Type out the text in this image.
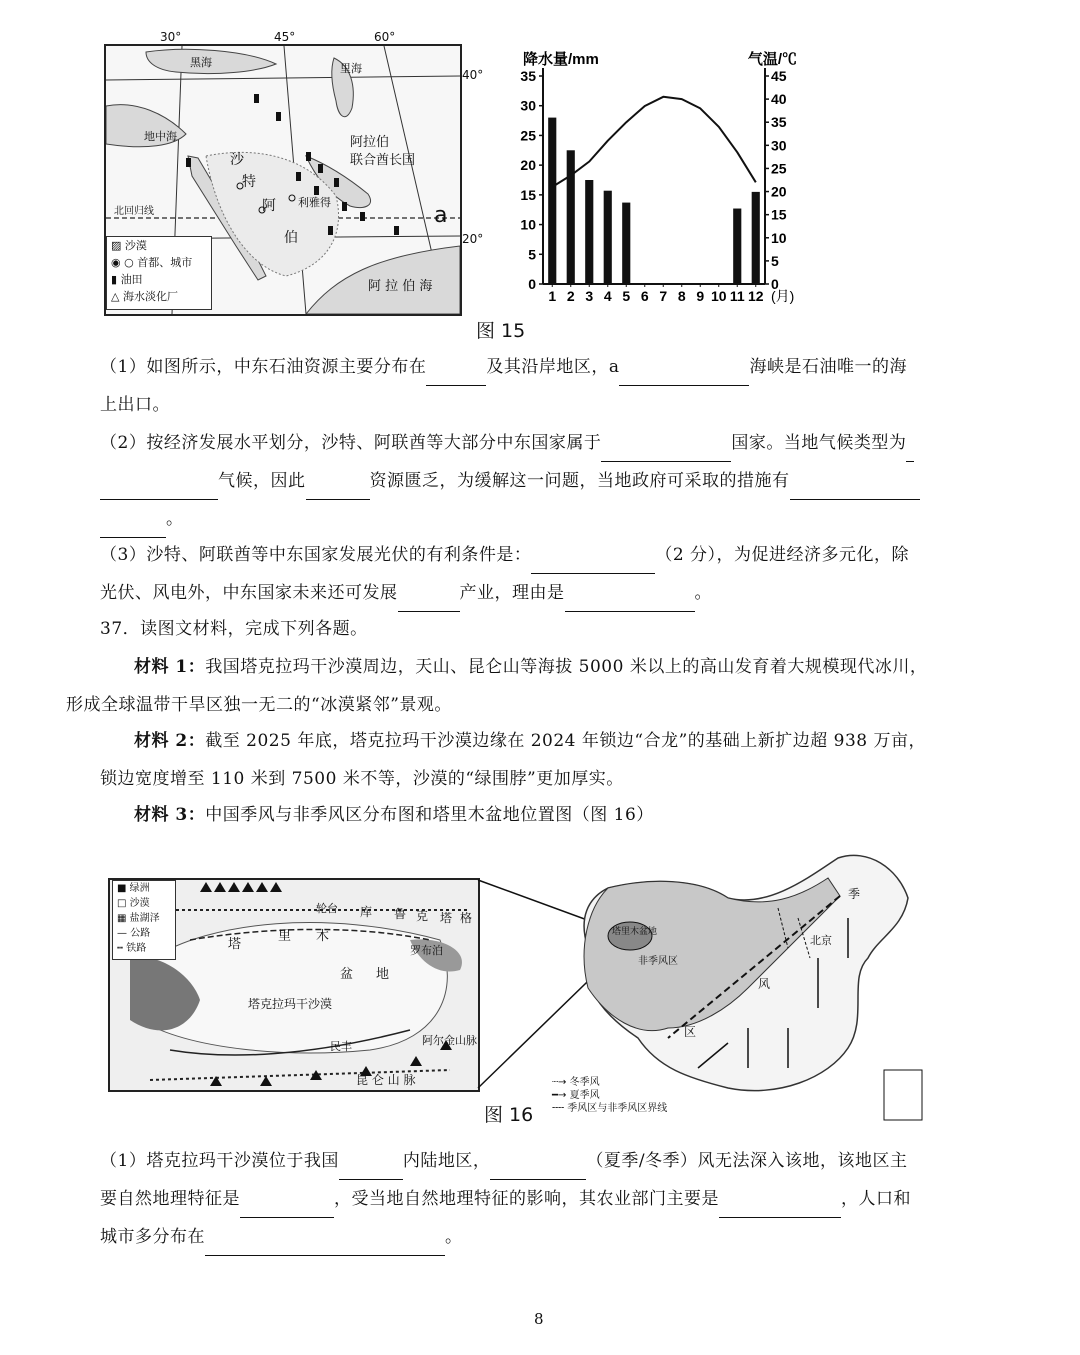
黑海	里海
地中海
沙
特
阿
伯
利雅得
阿拉伯
联合酋长国
北回归线
阿 拉 伯 海
a
30°	45°	60°
40°
20°
▨ 沙漠
◉ ○ 首都、城市
▮ 油田
△ 海水淡化厂
0
5
10
15
20
25
30
35
0
5
10
15
20
25
30
35
40
45
1 2 3 4 5 6 7 8 9 10 11 12 (月)
降水量/mm	气温/℃
图 15
（1）如图所示，中东石油资源主要分布在	及其沿岸地区，a	海峡是石油唯一的海
上出口。
（2）按经济发展水平划分，沙特、阿联酋等大部分中东国家属于	国家。当地气候类型为
气候，因此	资源匮乏，为缓解这一问题，当地政府可采取的措施有
。
（3）沙特、阿联酋等中东国家发展光伏的有利条件是：	（2 分），为促进经济多元化，除
光伏、风电外，中东国家未来还可发展	产业，理由是	。
37．读图文材料，完成下列各题。
材料 1：我国塔克拉玛干沙漠周边，天山、昆仑山等海拔 5000 米以上的高山发育着大规模现代冰川，
形成全球温带干旱区独一无二的“冰漠紧邻”景观。
材料 2：截至 2025 年底，塔克拉玛干沙漠边缘在 2024 年锁边“合龙”的基础上新扩边超 938 万亩，
锁边宽度增至 110 米到 7500 米不等，沙漠的“绿围脖”更加厚实。
材料 3：中国季风与非季风区分布图和塔里木盆地位置图（图 16）
塔
里 木
盆 地
塔克拉玛干沙漠
库 鲁 克 塔 格
罗布泊
昆 仑 山 脉
阿尔金山脉
轮台
民丰
■ 绿洲
□ 沙漠
▦ 盐湖泽
— 公路
┅ 铁路
塔里木盆地
非季风区
季
风
区
北京
┈→ 冬季风
━→ 夏季风
╌╌ 季风区与非季风区界线
图 16
（1）塔克拉玛干沙漠位于我国	内陆地区，	（夏季/冬季）风无法深入该地，该地区主
要自然地理特征是	，受当地自然地理特征的影响，其农业部门主要是	，人口和
城市多分布在	。
8
